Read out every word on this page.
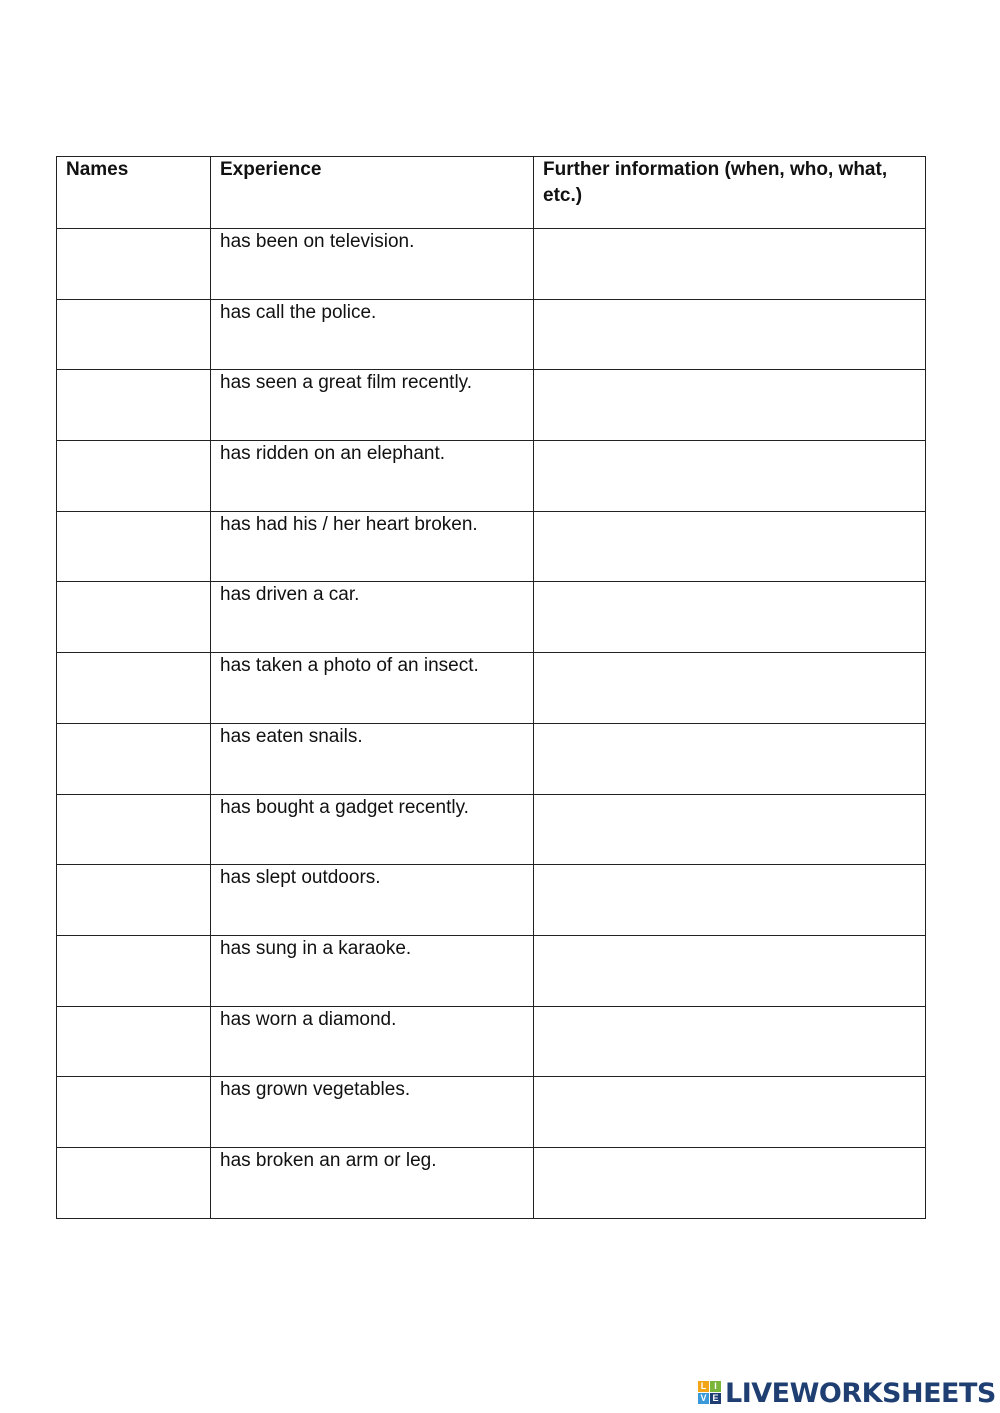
Names	Experience	Further information (when, who, what, etc.)
	has been on television.	
	has call the police.	
	has seen a great film recently.	
	has ridden on an elephant.	
	has had his / her heart broken.	
	has driven a car.	
	has taken a photo of an insect.	
	has eaten snails.	
	has bought a gadget recently.	
	has slept outdoors.	
	has sung in a karaoke.	
	has worn a diamond.	
	has grown vegetables.	
	has broken an arm or leg.	
L I
V E LIVEWORKSHEETS
